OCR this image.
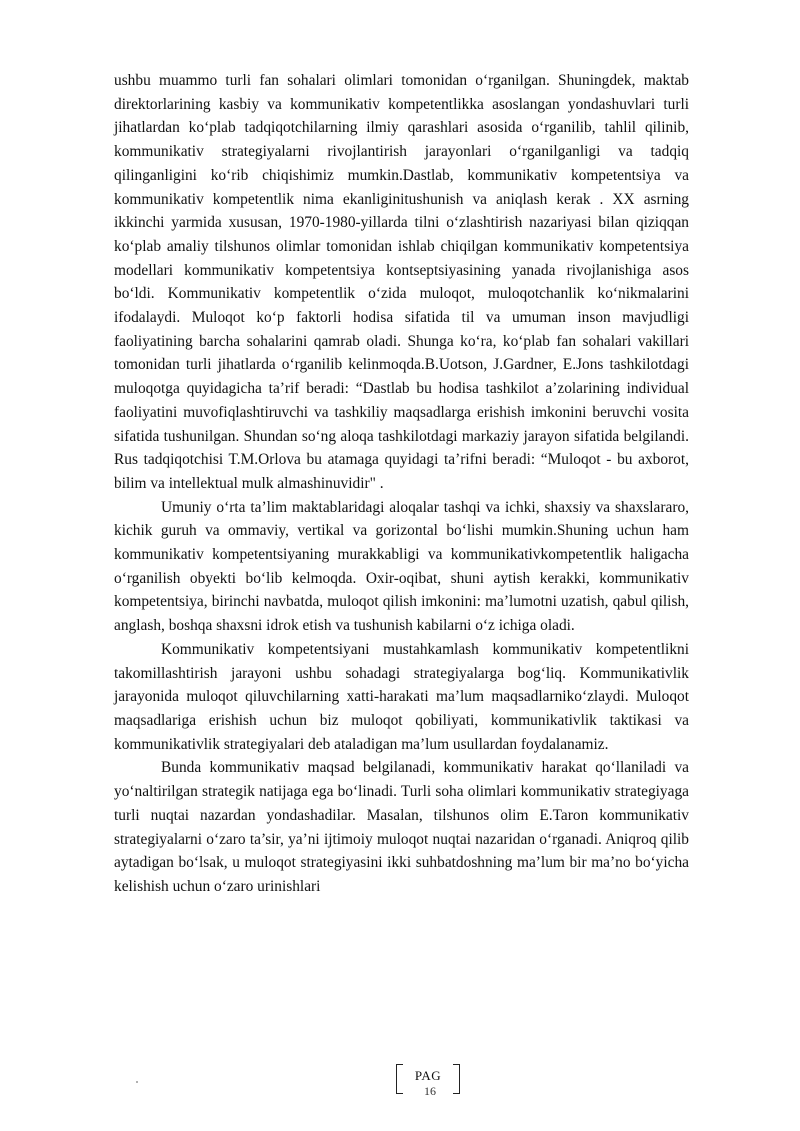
ushbu muammo turli fan sohalari olimlari tomonidan o‘rganilgan. Shuningdek, maktab direktorlarining kasbiy va kommunikativ kompetentlikka asoslangan yondashuvlari turli jihatlardan ko‘plab tadqiqotchilarning ilmiy qarashlari asosida o‘rganilib, tahlil qilinib, kommunikativ strategiyalarni rivojlantirish jarayonlari o‘rganilganligi va tadqiq qilinganligini ko‘rib chiqishimiz mumkin.Dastlab, kommunikativ kompetentsiya va kommunikativ kompetentlik nima ekanliginitushunish va aniqlash kerak . XX asrning ikkinchi yarmida xususan, 1970-1980-yillarda tilni o‘zlashtirish nazariyasi bilan qiziqqan ko‘plab amaliy tilshunos olimlar tomonidan ishlab chiqilgan kommunikativ kompetentsiya modellari kommunikativ kompetentsiya kontseptsiyasining yanada rivojlanishiga asos bo‘ldi. Kommunikativ kompetentlik o‘zida muloqot, muloqotchanlik ko‘nikmalarini ifodalaydi. Muloqot ko‘p faktorli hodisa sifatida til va umuman inson mavjudligi faoliyatining barcha sohalarini qamrab oladi. Shunga ko‘ra, ko‘plab fan sohalari vakillari tomonidan turli jihatlarda o‘rganilib kelinmoqda.B.Uotson, J.Gardner, E.Jons tashkilotdagi muloqotga quyidagicha ta’rif beradi: “Dastlab bu hodisa tashkilot a’zolarining individual faoliyatini muvofiqlashtiruvchi va tashkiliy maqsadlarga erishish imkonini beruvchi vosita sifatida tushunilgan. Shundan so‘ng aloqa tashkilotdagi markaziy jarayon sifatida belgilandi. Rus tadqiqotchisi T.M.Orlova bu atamaga quyidagi ta’rifni beradi: “Muloqot - bu axborot, bilim va intellektual mulk almashinuvidir" .

Umuniy o‘rta ta’lim maktablaridagi aloqalar tashqi va ichki, shaxsiy va shaxslararo, kichik guruh va ommaviy, vertikal va gorizontal bo‘lishi mumkin.Shuning uchun ham kommunikativ kompetentsiyaning murakkabligi va kommunikativkompetentlik haligacha o‘rganilish obyekti bo‘lib kelmoqda. Oxir-oqibat, shuni aytish kerakki, kommunikativ kompetentsiya, birinchi navbatda, muloqot qilish imkonini: ma’lumotni uzatish, qabul qilish, anglash, boshqa shaxsni idrok etish va tushunish kabilarni o‘z ichiga oladi.

Kommunikativ kompetentsiyani mustahkamlash kommunikativ kompetentlikni takomillashtirish jarayoni ushbu sohadagi strategiyalarga bog‘liq. Kommunikativlik jarayonida muloqot qiluvchilarning xatti-harakati ma’lum maqsadlarniko‘zlaydi. Muloqot maqsadlariga erishish uchun biz muloqot qobiliyati, kommunikativlik taktikasi va kommunikativlik strategiyalari deb ataladigan ma’lum usullardan foydalanamiz.

Bunda kommunikativ maqsad belgilanadi, kommunikativ harakat qo‘llaniladi va yo‘naltirilgan strategik natijaga ega bo‘linadi. Turli soha olimlari kommunikativ strategiyaga turli nuqtai nazardan yondashadilar. Masalan, tilshunos olim E.Taron kommunikativ strategiyalarni o‘zaro ta’sir, ya’ni ijtimoiy muloqot nuqtai nazaridan o‘rganadi. Aniqroq qilib aytadigan bo‘lsak, u muloqot strategiyasini ikki suhbatdoshning ma’lum bir ma’no bo‘yicha kelishish uchun o‘zaro urinishlari

PAG
16
